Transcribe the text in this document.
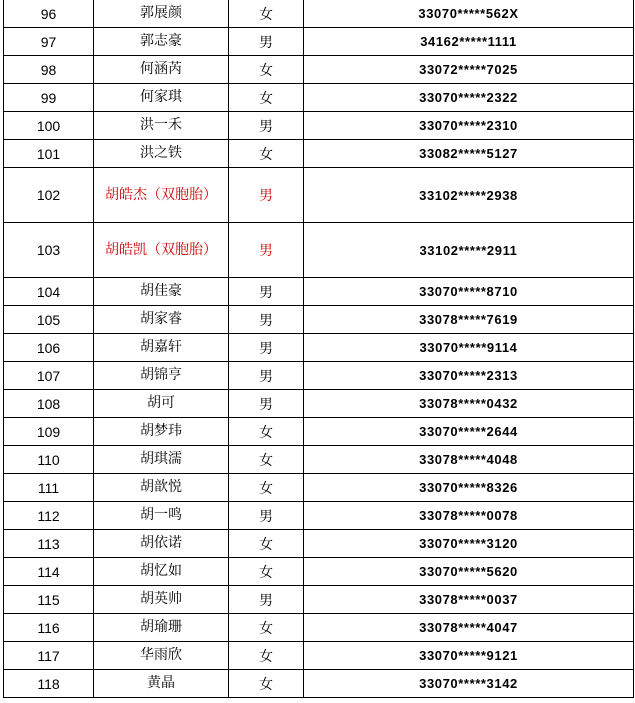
96	郭展颜	女	33070*****562X
97	郭志豪	男	34162*****1111
98	何涵芮	女	33072*****7025
99	何家琪	女	33070*****2322
100	洪一禾	男	33070*****2310
101	洪之铁	女	33082*****5127
102	胡皓杰（双胞胎）	男	33102*****2938
103	胡皓凯（双胞胎）	男	33102*****2911
104	胡佳豪	男	33070*****8710
105	胡家睿	男	33078*****7619
106	胡嘉轩	男	33070*****9114
107	胡锦亨	男	33070*****2313
108	胡可	男	33078*****0432
109	胡梦玮	女	33070*****2644
110	胡琪濡	女	33078*****4048
111	胡歆悦	女	33070*****8326
112	胡一鸣	男	33078*****0078
113	胡依诺	女	33070*****3120
114	胡忆如	女	33070*****5620
115	胡英帅	男	33078*****0037
116	胡瑜珊	女	33078*****4047
117	华雨欣	女	33070*****9121
118	黄晶	女	33070*****3142
